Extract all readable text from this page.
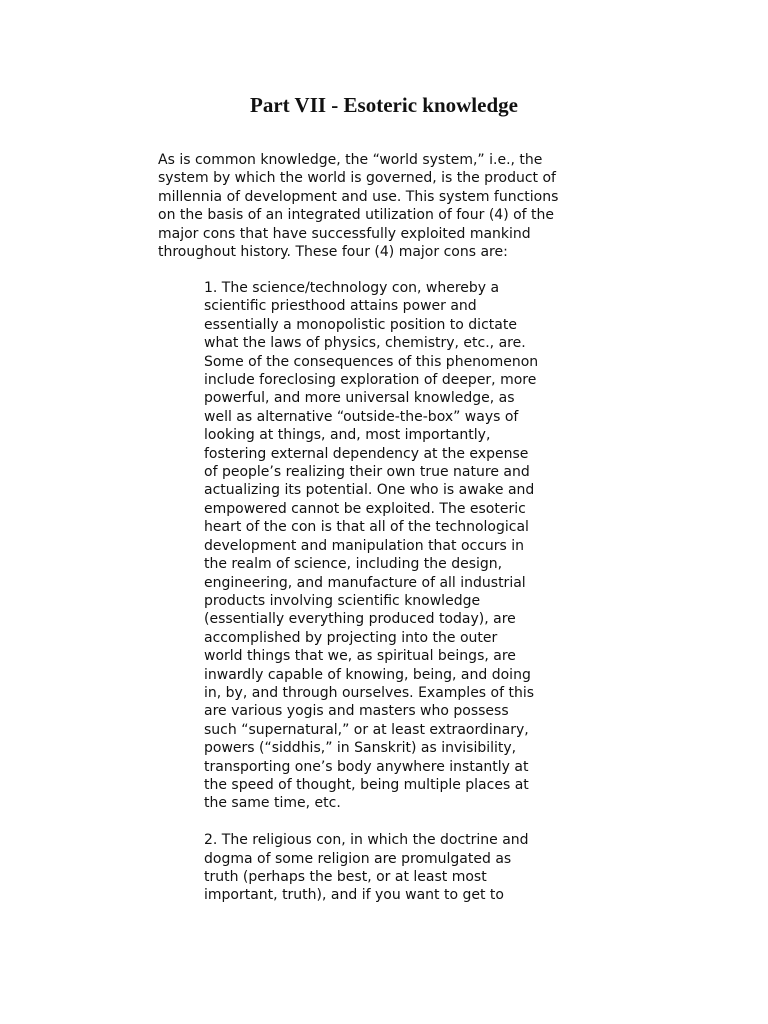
Part VII - Esoteric knowledge
As is common knowledge, the “world system,” i.e., the
system by which the world is governed, is the product of
millennia of development and use. This system functions
on the basis of an integrated utilization of four (4) of the
major cons that have successfully exploited mankind
throughout history. These four (4) major cons are:
1. The science/technology con, whereby a
scientific priesthood attains power and
essentially a monopolistic position to dictate
what the laws of physics, chemistry, etc., are.
Some of the consequences of this phenomenon
include foreclosing exploration of deeper, more
powerful, and more universal knowledge, as
well as alternative “outside-the-box” ways of
looking at things, and, most importantly,
fostering external dependency at the expense
of people’s realizing their own true nature and
actualizing its potential. One who is awake and
empowered cannot be exploited. The esoteric
heart of the con is that all of the technological
development and manipulation that occurs in
the realm of science, including the design,
engineering, and manufacture of all industrial
products involving scientific knowledge
(essentially everything produced today), are
accomplished by projecting into the outer
world things that we, as spiritual beings, are
inwardly capable of knowing, being, and doing
in, by, and through ourselves. Examples of this
are various yogis and masters who possess
such “supernatural,” or at least extraordinary,
powers (“siddhis,” in Sanskrit) as invisibility,
transporting one’s body anywhere instantly at
the speed of thought, being multiple places at
the same time, etc.
2. The religious con, in which the doctrine and
dogma of some religion are promulgated as
truth (perhaps the best, or at least most
important, truth), and if you want to get to
